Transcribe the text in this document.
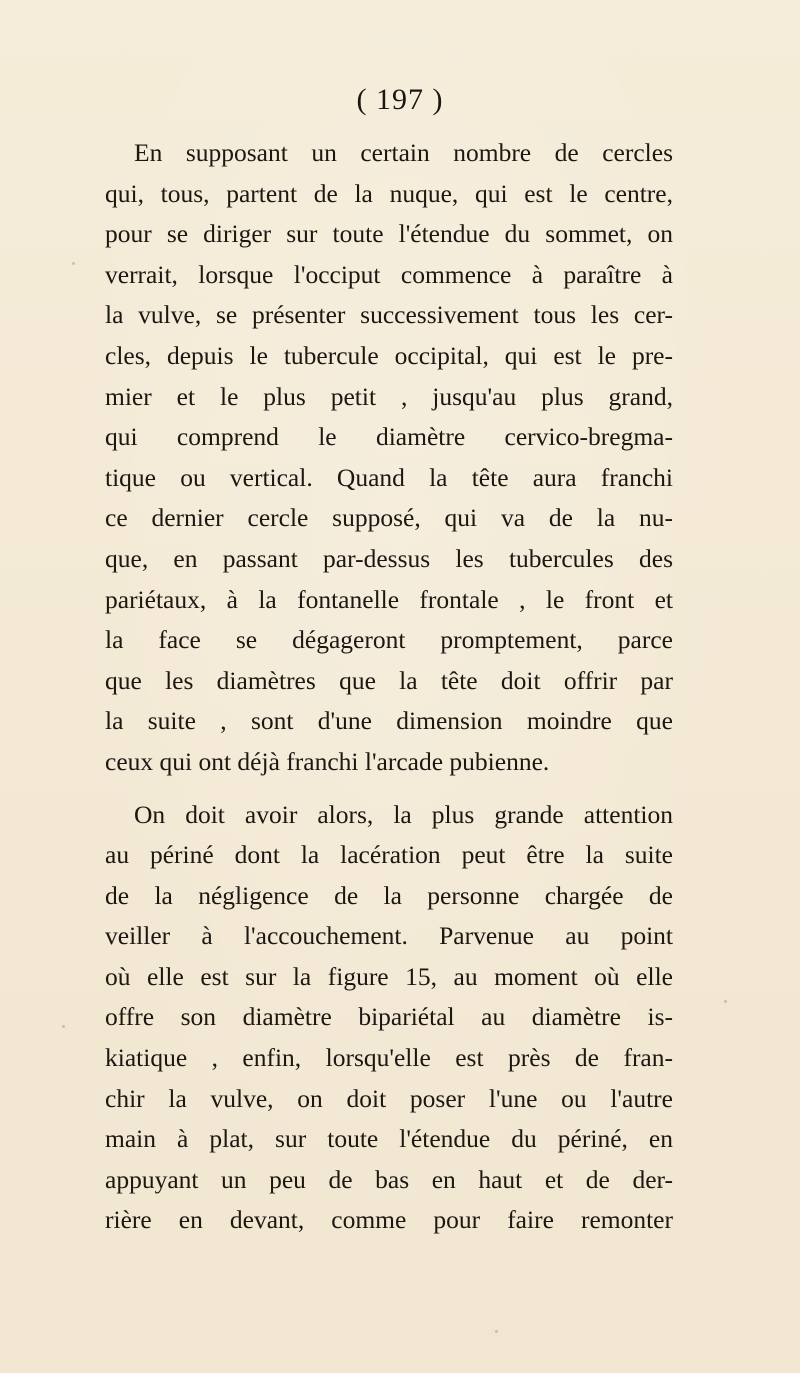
( 197 )
En supposant un certain nombre de cercles
qui, tous, partent de la nuque, qui est le centre,
pour se diriger sur toute l'étendue du sommet, on
verrait, lorsque l'occiput commence à paraître à
la vulve, se présenter successivement tous les cer-
cles, depuis le tubercule occipital, qui est le pre-
mier et le plus petit , jusqu'au plus grand,
qui comprend le diamètre cervico-bregma-
tique ou vertical. Quand la tête aura franchi
ce dernier cercle supposé, qui va de la nu-
que, en passant par-dessus les tubercules des
pariétaux, à la fontanelle frontale , le front et
la face se dégageront promptement, parce
que les diamètres que la tête doit offrir par
la suite , sont d'une dimension moindre que
ceux qui ont déjà franchi l'arcade pubienne.
On doit avoir alors, la plus grande attention
au périné dont la lacération peut être la suite
de la négligence de la personne chargée de
veiller à l'accouchement. Parvenue au point
où elle est sur la figure 15, au moment où elle
offre son diamètre bipariétal au diamètre is-
kiatique , enfin, lorsqu'elle est près de fran-
chir la vulve, on doit poser l'une ou l'autre
main à plat, sur toute l'étendue du périné, en
appuyant un peu de bas en haut et de der-
rière en devant, comme pour faire remonter
